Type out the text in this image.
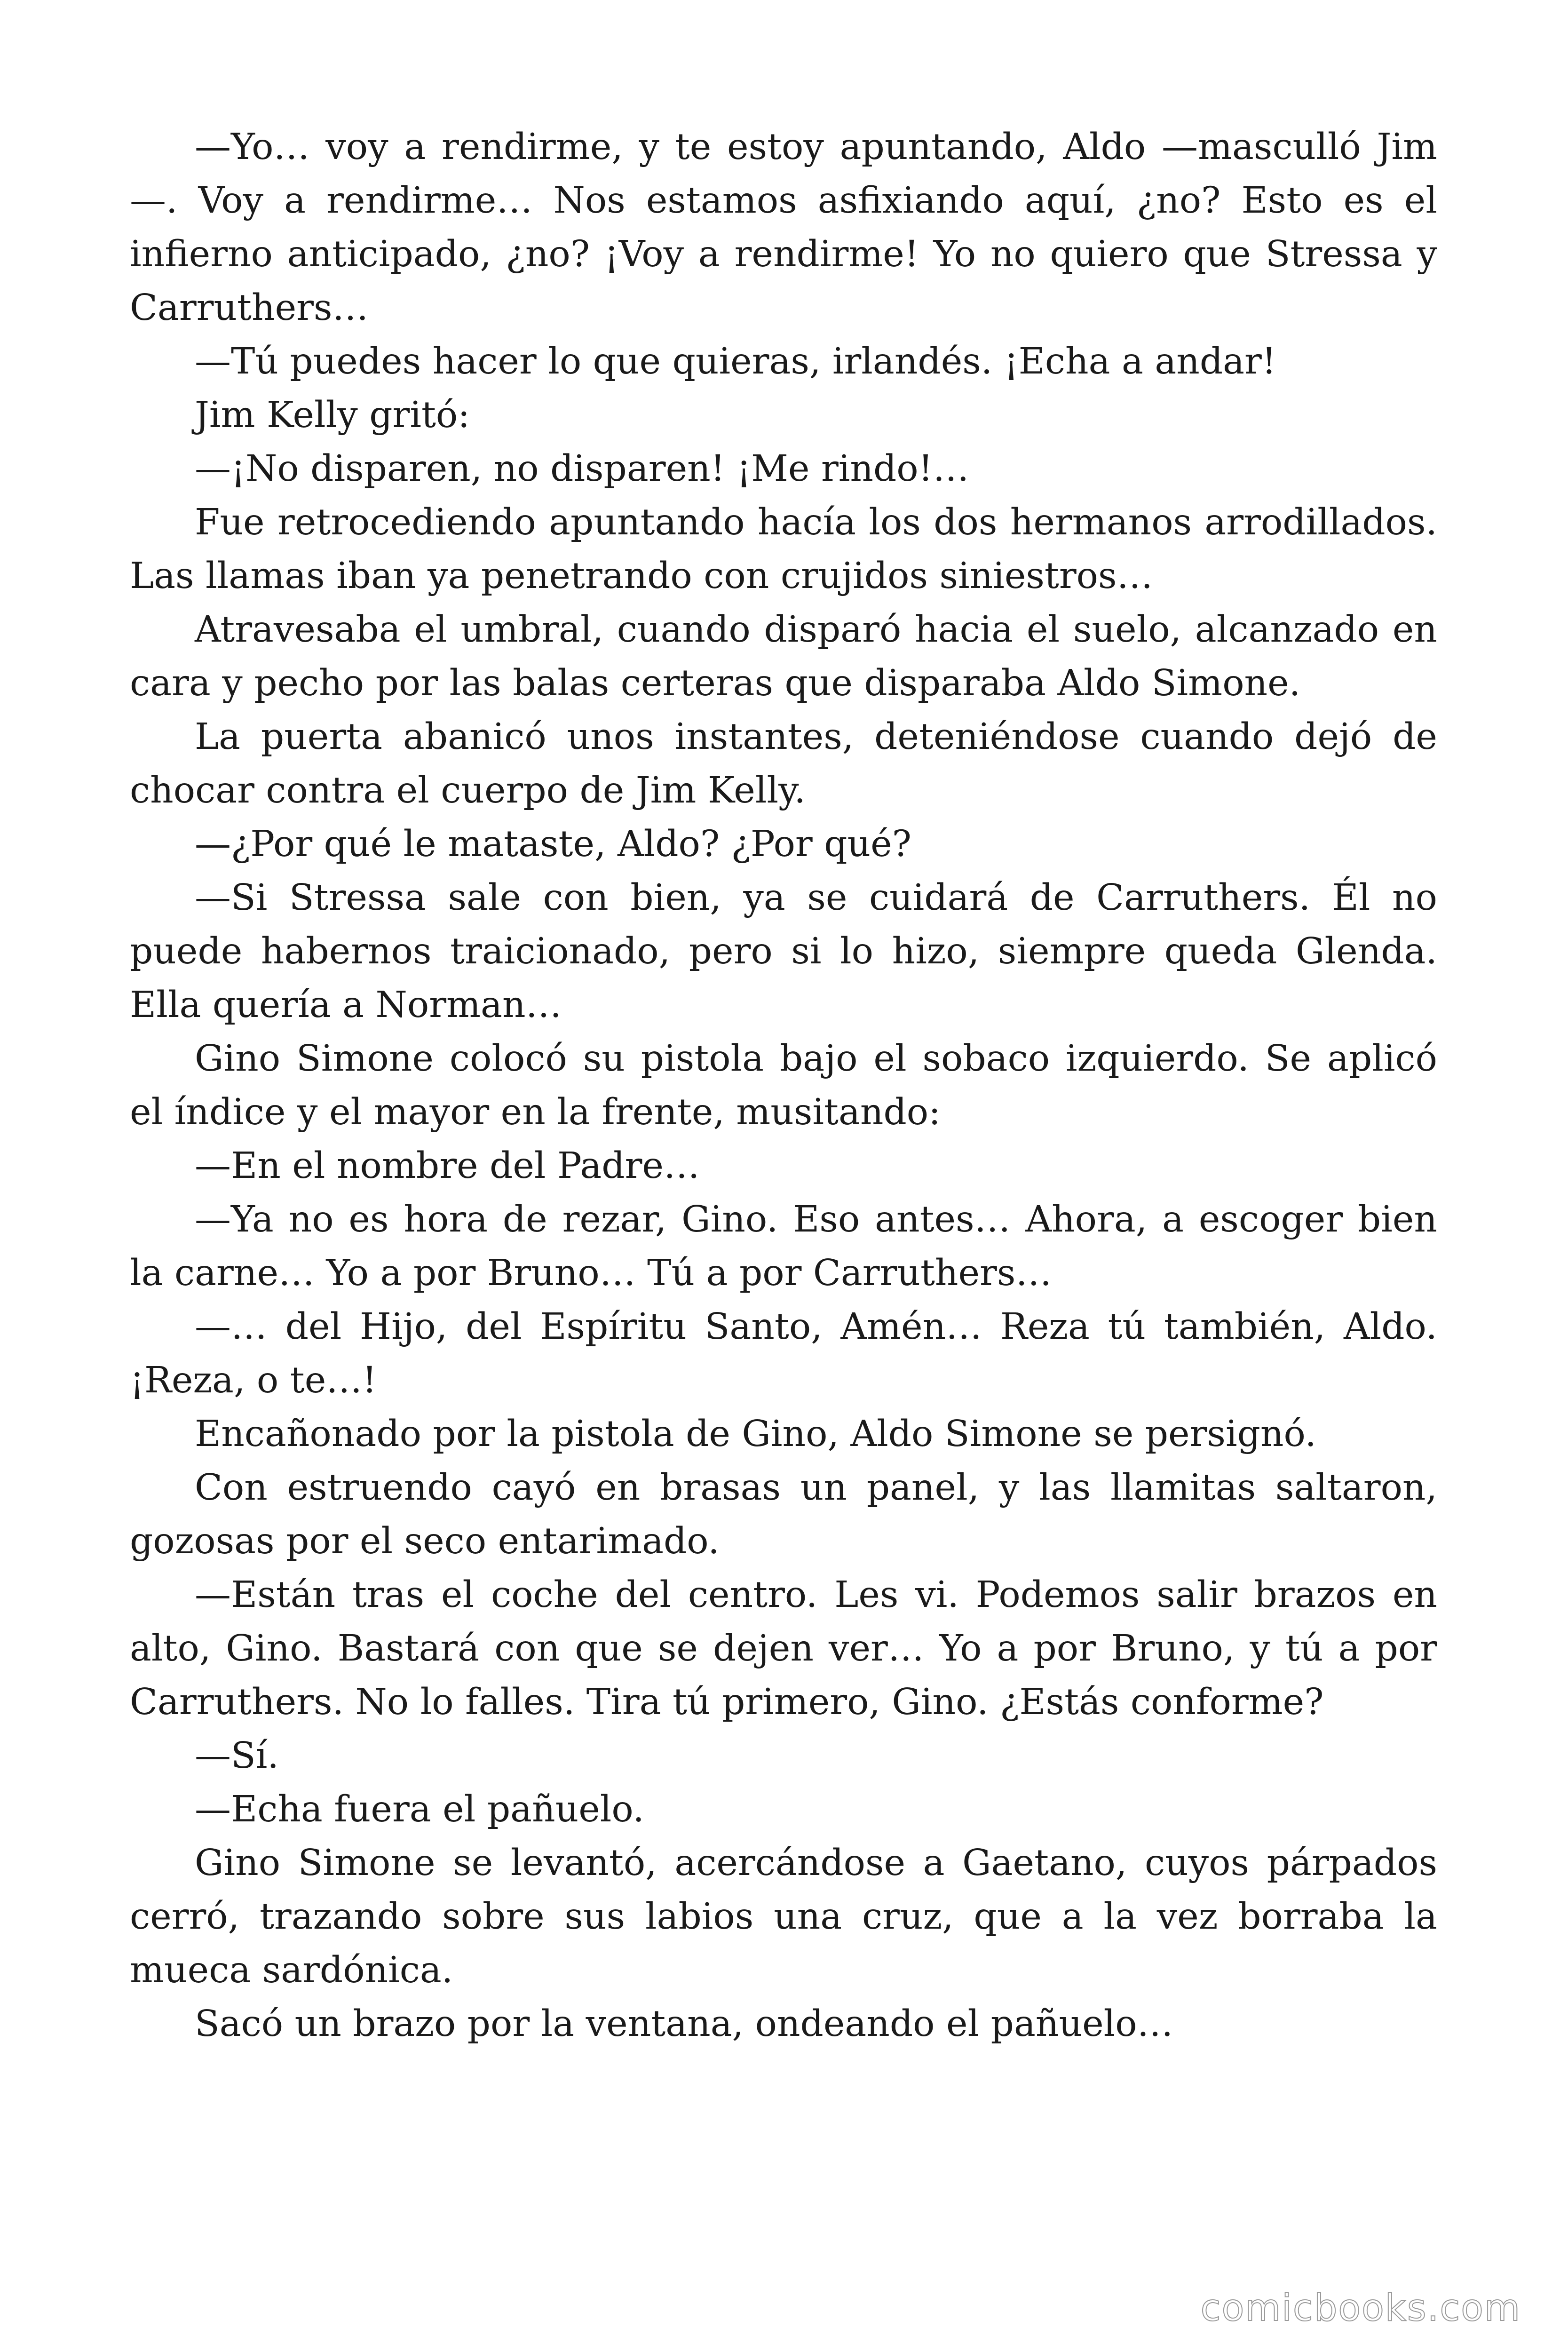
—Yo… voy a rendirme, y te estoy apuntando, Aldo —masculló Jim—. Voy a rendirme… Nos estamos asfixiando aquí, ¿no? Esto es el infierno anticipado, ¿no? ¡Voy a rendirme! Yo no quiero que Stressa y Carruthers…

—Tú puedes hacer lo que quieras, irlandés. ¡Echa a andar!

Jim Kelly gritó:

—¡No disparen, no disparen! ¡Me rindo!…

Fue retrocediendo apuntando hacía los dos hermanos arrodillados. Las llamas iban ya penetrando con crujidos siniestros…

Atravesaba el umbral, cuando disparó hacia el suelo, alcanzado en cara y pecho por las balas certeras que disparaba Aldo Simone.

La puerta abanicó unos instantes, deteniéndose cuando dejó de chocar contra el cuerpo de Jim Kelly.

—¿Por qué le mataste, Aldo? ¿Por qué?

—Si Stressa sale con bien, ya se cuidará de Carruthers. Él no puede habernos traicionado, pero si lo hizo, siempre queda Glenda. Ella quería a Norman…

Gino Simone colocó su pistola bajo el sobaco izquierdo. Se aplicó el índice y el mayor en la frente, musitando:

—En el nombre del Padre…

—Ya no es hora de rezar, Gino. Eso antes… Ahora, a escoger bien la carne… Yo a por Bruno… Tú a por Carruthers…

—… del Hijo, del Espíritu Santo, Amén… Reza tú también, Aldo. ¡Reza, o te…!

Encañonado por la pistola de Gino, Aldo Simone se persignó.

Con estruendo cayó en brasas un panel, y las llamitas saltaron, gozosas por el seco entarimado.

—Están tras el coche del centro. Les vi. Podemos salir brazos en alto, Gino. Bastará con que se dejen ver… Yo a por Bruno, y tú a por Carruthers. No lo falles. Tira tú primero, Gino. ¿Estás conforme?

—Sí.

—Echa fuera el pañuelo.

Gino Simone se levantó, acercándose a Gaetano, cuyos párpados cerró, trazando sobre sus labios una cruz, que a la vez borraba la mueca sardónica.

Sacó un brazo por la ventana, ondeando el pañuelo…

comicbooks.com
